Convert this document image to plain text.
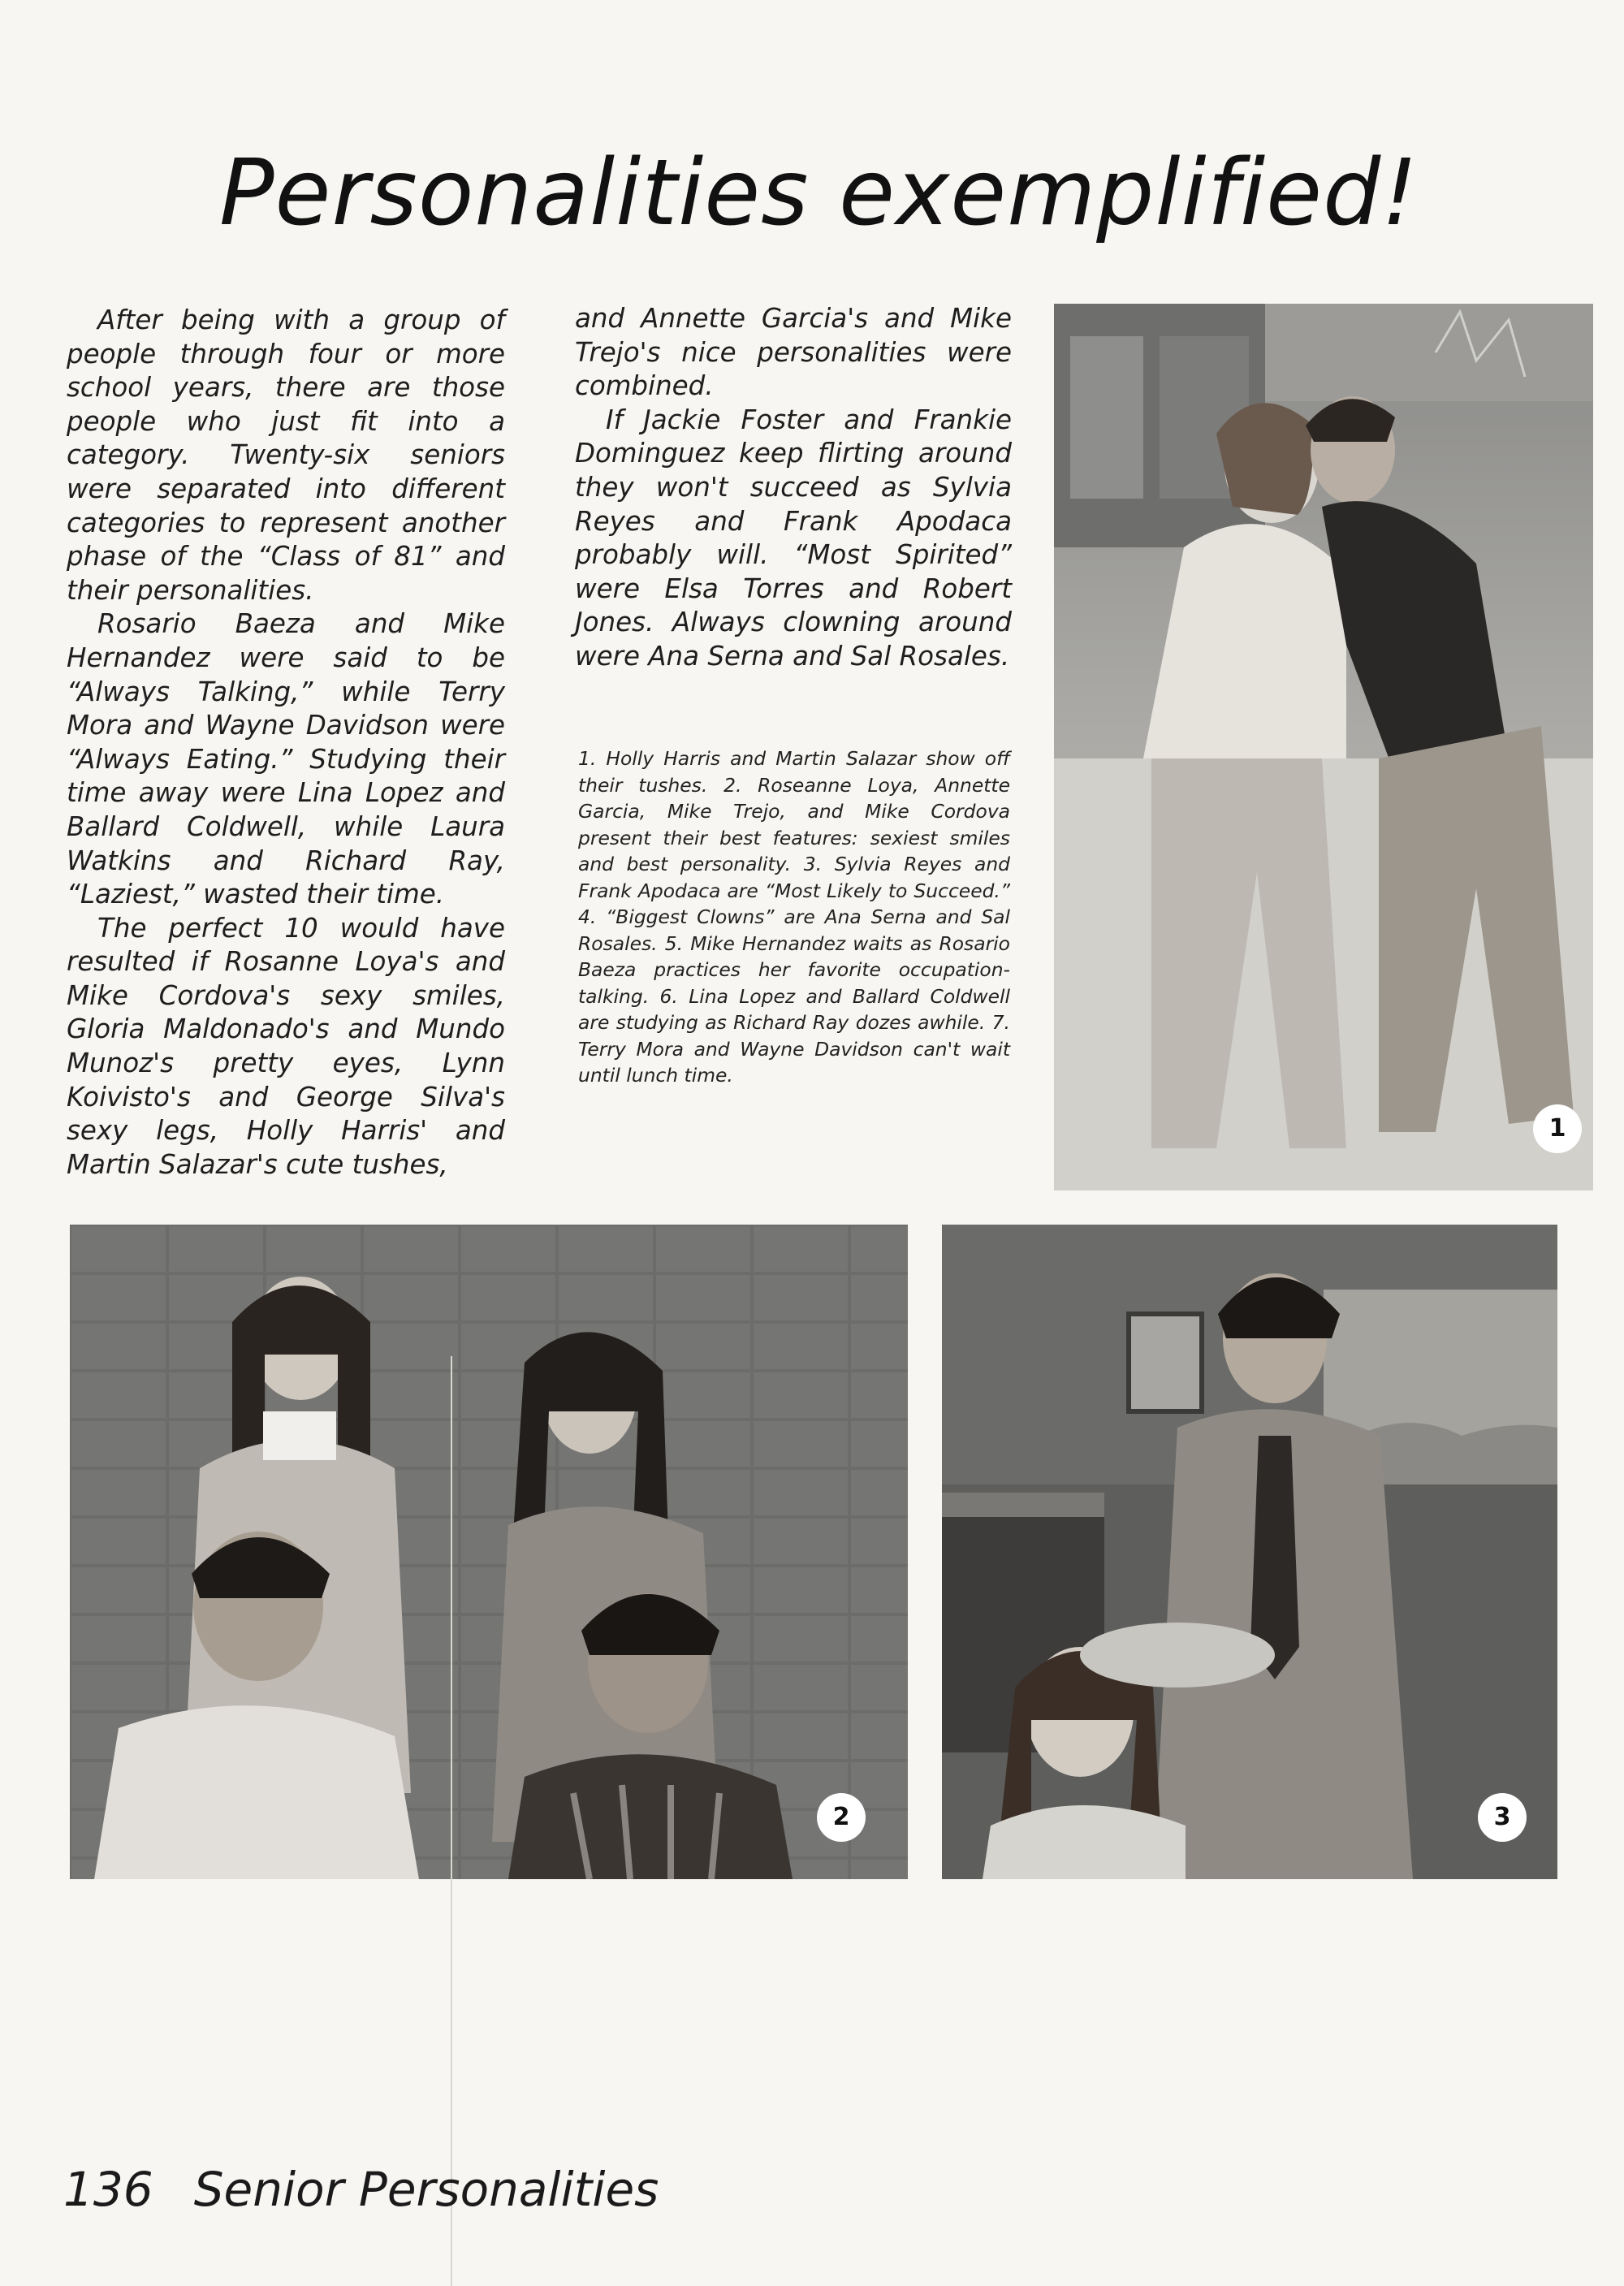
Personalities exemplified!

After being with a group of people through four or more school years, there are those people who just fit into a category. Twenty-six seniors were separated into different categories to represent another phase of the “Class of 81” and their personalities.

Rosario Baeza and Mike Hernandez were said to be “Always Talking,” while Terry Mora and Wayne Davidson were “Always Eating.” Studying their time away were Lina Lopez and Ballard Coldwell, while Laura Watkins and Richard Ray, “Laziest,” wasted their time.

The perfect 10 would have resulted if Rosanne Loya's and Mike Cordova's sexy smiles, Gloria Maldonado's and Mundo Munoz's pretty eyes, Lynn Koivisto's and George Silva's sexy legs, Holly Harris' and Martin Salazar's cute tushes,

and Annette Garcia's and Mike Trejo's nice personalities were combined.

If Jackie Foster and Frankie Dominguez keep flirting around they won't succeed as Sylvia Reyes and Frank Apodaca probably will. “Most Spirited” were Elsa Torres and Robert Jones. Always clowning around were Ana Serna and Sal Rosales.

1. Holly Harris and Martin Salazar show off their tushes. 2. Roseanne Loya, Annette Garcia, Mike Trejo, and Mike Cordova present their best features: sexiest smiles and best personality. 3. Sylvia Reyes and Frank Apodaca are “Most Likely to Succeed.” 4. “Biggest Clowns” are Ana Serna and Sal Rosales. 5. Mike Hernandez waits as Rosario Baeza practices her favorite occupation- talking. 6. Lina Lopez and Ballard Coldwell are studying as Richard Ray dozes awhile. 7. Terry Mora and Wayne Davidson can't wait until lunch time.
1
2	3
136 Senior Personalities
